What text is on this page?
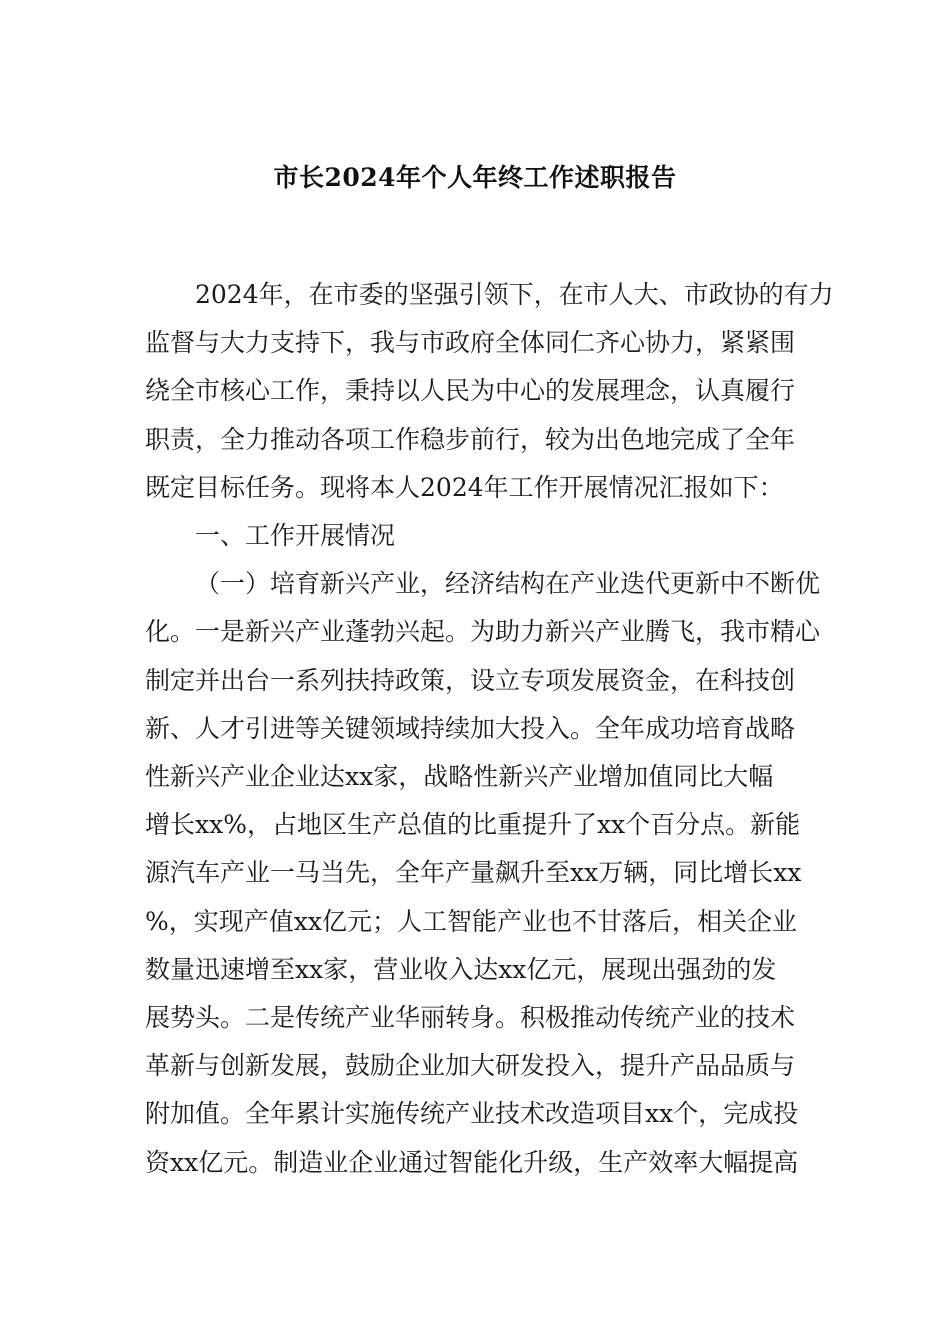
市长2024年个人年终工作述职报告
2024年，在市委的坚强引领下，在市人大、市政协的有力
监督与大力支持下，我与市政府全体同仁齐心协力，紧紧围
绕全市核心工作，秉持以人民为中心的发展理念，认真履行
职责，全力推动各项工作稳步前行，较为出色地完成了全年
既定目标任务。现将本人2024年工作开展情况汇报如下：
一、工作开展情况
（一）培育新兴产业，经济结构在产业迭代更新中不断优
化。一是新兴产业蓬勃兴起。为助力新兴产业腾飞，我市精心
制定并出台一系列扶持政策，设立专项发展资金，在科技创
新、人才引进等关键领域持续加大投入。全年成功培育战略
性新兴产业企业达xx家，战略性新兴产业增加值同比大幅
增长xx%，占地区生产总值的比重提升了xx个百分点。新能
源汽车产业一马当先，全年产量飙升至xx万辆，同比增长xx
%，实现产值xx亿元；人工智能产业也不甘落后，相关企业
数量迅速增至xx家，营业收入达xx亿元，展现出强劲的发
展势头。二是传统产业华丽转身。积极推动传统产业的技术
革新与创新发展，鼓励企业加大研发投入，提升产品品质与
附加值。全年累计实施传统产业技术改造项目xx个，完成投
资xx亿元。制造业企业通过智能化升级，生产效率大幅提高
